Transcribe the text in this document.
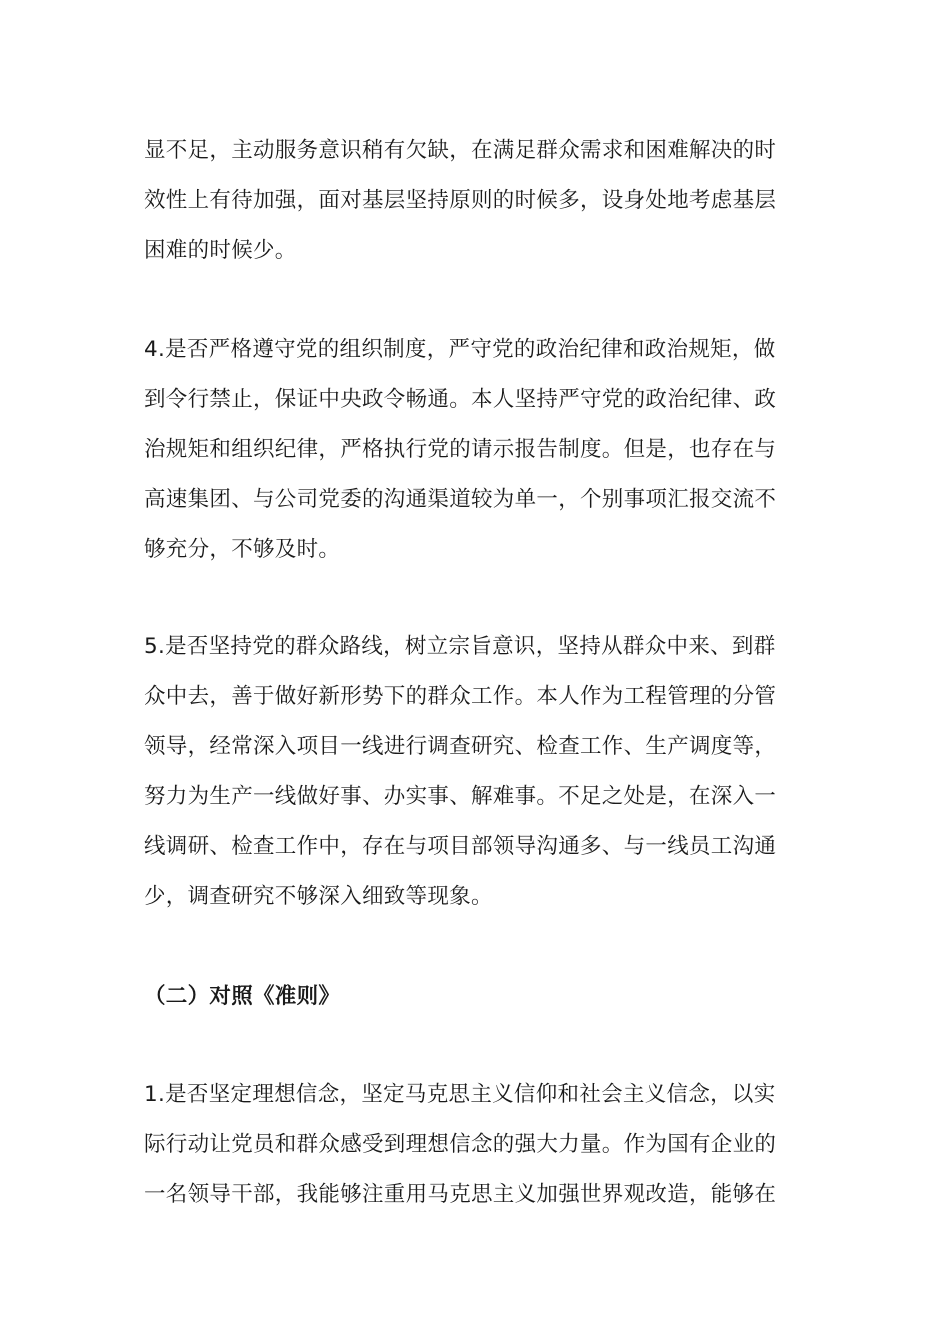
显不足，主动服务意识稍有欠缺，在满足群众需求和困难解决的时
效性上有待加强，面对基层坚持原则的时候多，设身处地考虑基层
困难的时候少。
4.是否严格遵守党的组织制度，严守党的政治纪律和政治规矩，做
到令行禁止，保证中央政令畅通。本人坚持严守党的政治纪律、政
治规矩和组织纪律，严格执行党的请示报告制度。但是，也存在与
高速集团、与公司党委的沟通渠道较为单一，个别事项汇报交流不
够充分，不够及时。
5.是否坚持党的群众路线，树立宗旨意识，坚持从群众中来、到群
众中去，善于做好新形势下的群众工作。本人作为工程管理的分管
领导，经常深入项目一线进行调查研究、检查工作、生产调度等，
努力为生产一线做好事、办实事、解难事。不足之处是，在深入一
线调研、检查工作中，存在与项目部领导沟通多、与一线员工沟通
少，调查研究不够深入细致等现象。
（二）对照《准则》
1.是否坚定理想信念，坚定马克思主义信仰和社会主义信念，以实
际行动让党员和群众感受到理想信念的强大力量。作为国有企业的
一名领导干部，我能够注重用马克思主义加强世界观改造，能够在
